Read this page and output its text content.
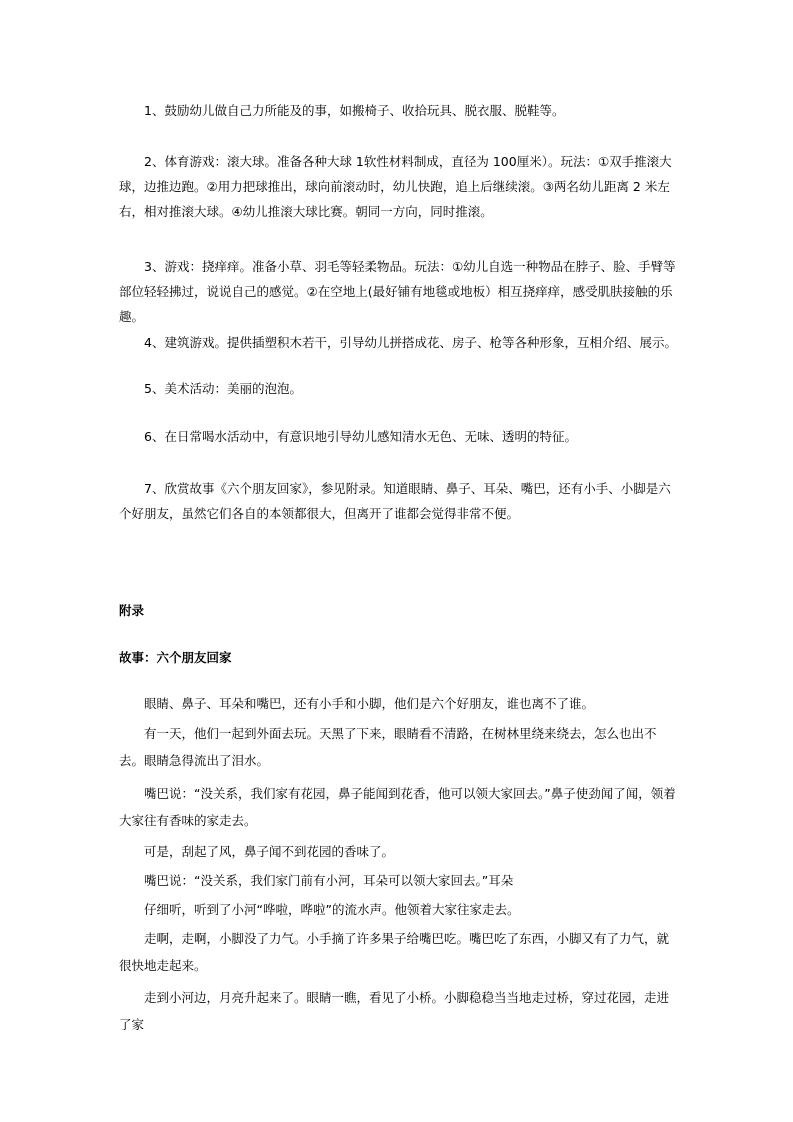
1、鼓励幼儿做自己力所能及的事，如搬椅子、收拾玩具、脱衣服、脱鞋等。

2、体育游戏：滚大球。准备各种大球 1软性材料制成，直径为 100厘米）。玩法：①双手推滚大球，边推边跑。②用力把球推出，球向前滚动时，幼儿快跑，追上后继续滚。③两名幼儿距离 2 米左右，相对推滚大球。④幼儿推滚大球比赛。朝同一方向，同时推滚。

3、游戏：挠痒痒。准备小草、羽毛等轻柔物品。玩法：①幼儿自选一种物品在脖子、脸、手臂等部位轻轻拂过，说说自己的感觉。②在空地上(最好铺有地毯或地板）相互挠痒痒，感受肌肤接触的乐趣。

4、建筑游戏。提供插塑积木若干，引导幼儿拼搭成花、房子、枪等各种形象，互相介绍、展示。

5、美术活动：美丽的泡泡。

6、在日常喝水活动中，有意识地引导幼儿感知清水无色、无味、透明的特征。

7、欣赏故事《六个朋友回家》，参见附录。知道眼睛、鼻子、耳朵、嘴巴，还有小手、小脚是六个好朋友，虽然它们各自的本领都很大，但离开了谁都会觉得非常不便。

附录
故事：六个朋友回家

眼睛、鼻子、耳朵和嘴巴，还有小手和小脚，他们是六个好朋友，谁也离不了谁。

有一天，他们一起到外面去玩。天黑了下来，眼睛看不清路，在树林里绕来绕去，怎么也出不去。眼睛急得流出了泪水。

嘴巴说：“没关系，我们家有花园，鼻子能闻到花香，他可以领大家回去。”鼻子使劲闻了闻，领着大家往有香味的家走去。

可是，刮起了风，鼻子闻不到花园的香味了。

嘴巴说：“没关系，我们家门前有小河，耳朵可以领大家回去。”耳朵

仔细听，听到了小河“哗啦，哗啦”的流水声。他领着大家往家走去。

走啊，走啊，小脚没了力气。小手摘了许多果子给嘴巴吃。嘴巴吃了东西，小脚又有了力气，就很快地走起来。

走到小河边，月亮升起来了。眼睛一瞧，看见了小桥。小脚稳稳当当地走过桥，穿过花园，走进了家
